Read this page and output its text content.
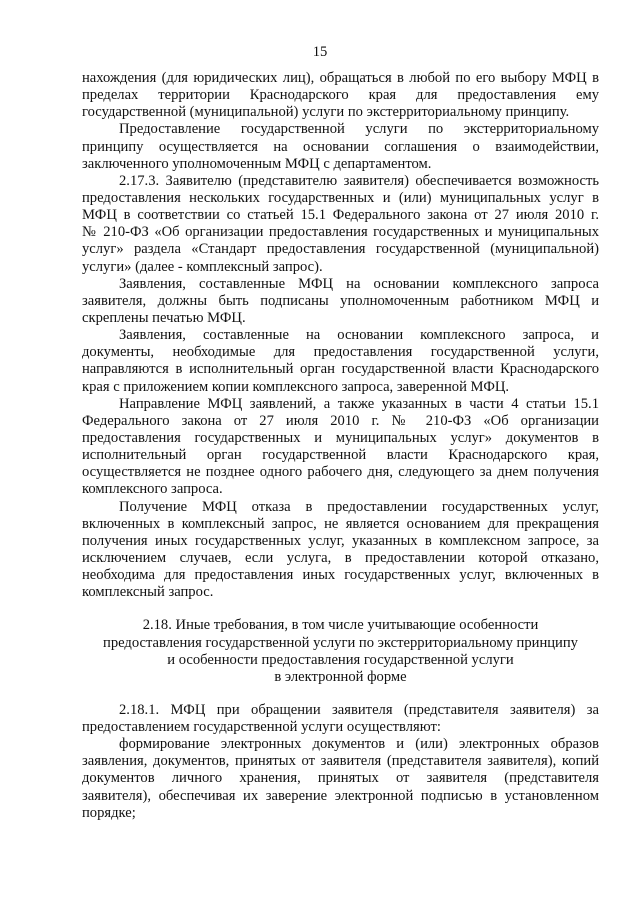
15
нахождения (для юридических лиц), обращаться в любой по его выбору МФЦ в
пределах территории Краснодарского края для предоставления ему
государственной (муниципальной) услуги по экстерриториальному принципу.
Предоставление государственной услуги по экстерриториальному
принципу осуществляется на основании соглашения о взаимодействии,
заключенного уполномоченным МФЦ с департаментом.
2.17.3. Заявителю (представителю заявителя) обеспечивается возможность
предоставления нескольких государственных и (или) муниципальных услуг в
МФЦ в соответствии со статьей 15.1 Федерального закона от 27 июля 2010 г.
№ 210-ФЗ «Об организации предоставления государственных и муниципальных
услуг» раздела «Стандарт предоставления государственной (муниципальной)
услуги» (далее - комплексный запрос).
Заявления, составленные МФЦ на основании комплексного запроса
заявителя, должны быть подписаны уполномоченным работником МФЦ и
скреплены печатью МФЦ.
Заявления, составленные на основании комплексного запроса, и
документы, необходимые для предоставления государственной услуги,
направляются в исполнительный орган государственной власти Краснодарского
края с приложением копии комплексного запроса, заверенной МФЦ.
Направление МФЦ заявлений, а также указанных в части 4 статьи 15.1
Федерального закона от 27 июля 2010 г. № 210-ФЗ «Об организации
предоставления государственных и муниципальных услуг» документов в
исполнительный орган государственной власти Краснодарского края,
осуществляется не позднее одного рабочего дня, следующего за днем получения
комплексного запроса.
Получение МФЦ отказа в предоставлении государственных услуг,
включенных в комплексный запрос, не является основанием для прекращения
получения иных государственных услуг, указанных в комплексном запросе, за
исключением случаев, если услуга, в предоставлении которой отказано,
необходима для предоставления иных государственных услуг, включенных в
комплексный запрос.
2.18. Иные требования, в том числе учитывающие особенности
предоставления государственной услуги по экстерриториальному принципу
и особенности предоставления государственной услуги
в электронной форме
2.18.1. МФЦ при обращении заявителя (представителя заявителя) за
предоставлением государственной услуги осуществляют:
формирование электронных документов и (или) электронных образов
заявления, документов, принятых от заявителя (представителя заявителя), копий
документов личного хранения, принятых от заявителя (представителя
заявителя), обеспечивая их заверение электронной подписью в установленном
порядке;
